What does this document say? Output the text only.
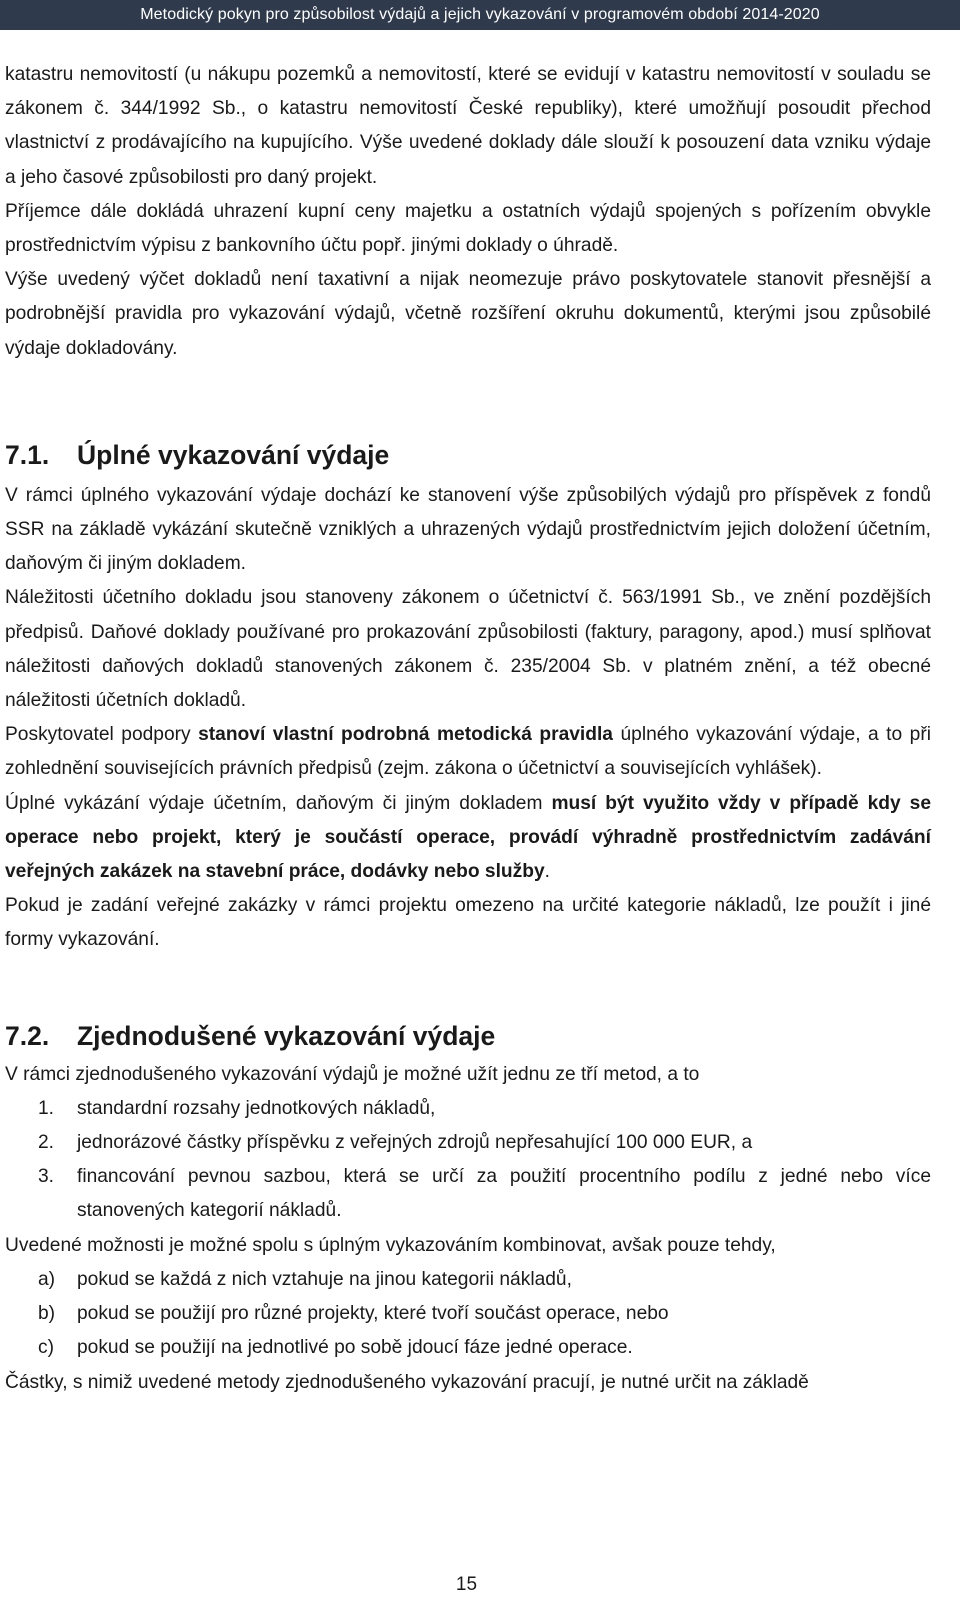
Metodický pokyn pro způsobilost výdajů a jejich vykazování v programovém období 2014-2020

katastru nemovitostí (u nákupu pozemků a nemovitostí, které se evidují v katastru nemovitostí v souladu se zákonem č. 344/1992 Sb., o katastru nemovitostí České republiky), které umožňují posoudit přechod vlastnictví z prodávajícího na kupujícího. Výše uvedené doklady dále slouží k posouzení data vzniku výdaje a jeho časové způsobilosti pro daný projekt.

Příjemce dále dokládá uhrazení kupní ceny majetku a ostatních výdajů spojených s pořízením obvykle prostřednictvím výpisu z bankovního účtu popř. jinými doklady o úhradě.

Výše uvedený výčet dokladů není taxativní a nijak neomezuje právo poskytovatele stanovit přesnější a podrobnější pravidla pro vykazování výdajů, včetně rozšíření okruhu dokumentů, kterými jsou způsobilé výdaje dokladovány.

7.1.	Úplné vykazování výdaje

V rámci úplného vykazování výdaje dochází ke stanovení výše způsobilých výdajů pro příspěvek z fondů SSR na základě vykázání skutečně vzniklých a uhrazených výdajů prostřednictvím jejich doložení účetním, daňovým či jiným dokladem.

Náležitosti účetního dokladu jsou stanoveny zákonem o účetnictví č. 563/1991 Sb., ve znění pozdějších předpisů. Daňové doklady používané pro prokazování způsobilosti (faktury, paragony, apod.) musí splňovat náležitosti daňových dokladů stanovených zákonem č. 235/2004 Sb. v platném znění, a též obecné náležitosti účetních dokladů.

Poskytovatel podpory stanoví vlastní podrobná metodická pravidla úplného vykazování výdaje, a to při zohlednění souvisejících právních předpisů (zejm. zákona o účetnictví a souvisejících vyhlášek).

Úplné vykázání výdaje účetním, daňovým či jiným dokladem musí být využito vždy v případě kdy se operace nebo projekt, který je součástí operace, provádí výhradně prostřednictvím zadávání veřejných zakázek na stavební práce, dodávky nebo služby.

Pokud je zadání veřejné zakázky v rámci projektu omezeno na určité kategorie nákladů, lze použít i jiné formy vykazování.

7.2.	Zjednodušené vykazování výdaje

V rámci zjednodušeného vykazování výdajů je možné užít jednu ze tří metod, a to

1.	standardní rozsahy jednotkových nákladů,
2.	jednorázové částky příspěvku z veřejných zdrojů nepřesahující 100 000 EUR, a
3.	financování pevnou sazbou, která se určí za použití procentního podílu z jedné nebo více stanovených kategorií nákladů.

Uvedené možnosti je možné spolu s úplným vykazováním kombinovat, avšak pouze tehdy,

a)	pokud se každá z nich vztahuje na jinou kategorii nákladů,
b)	pokud se použijí pro různé projekty, které tvoří součást operace, nebo
c)	pokud se použijí na jednotlivé po sobě jdoucí fáze jedné operace.

Částky, s nimiž uvedené metody zjednodušeného vykazování pracují, je nutné určit na základě

15
